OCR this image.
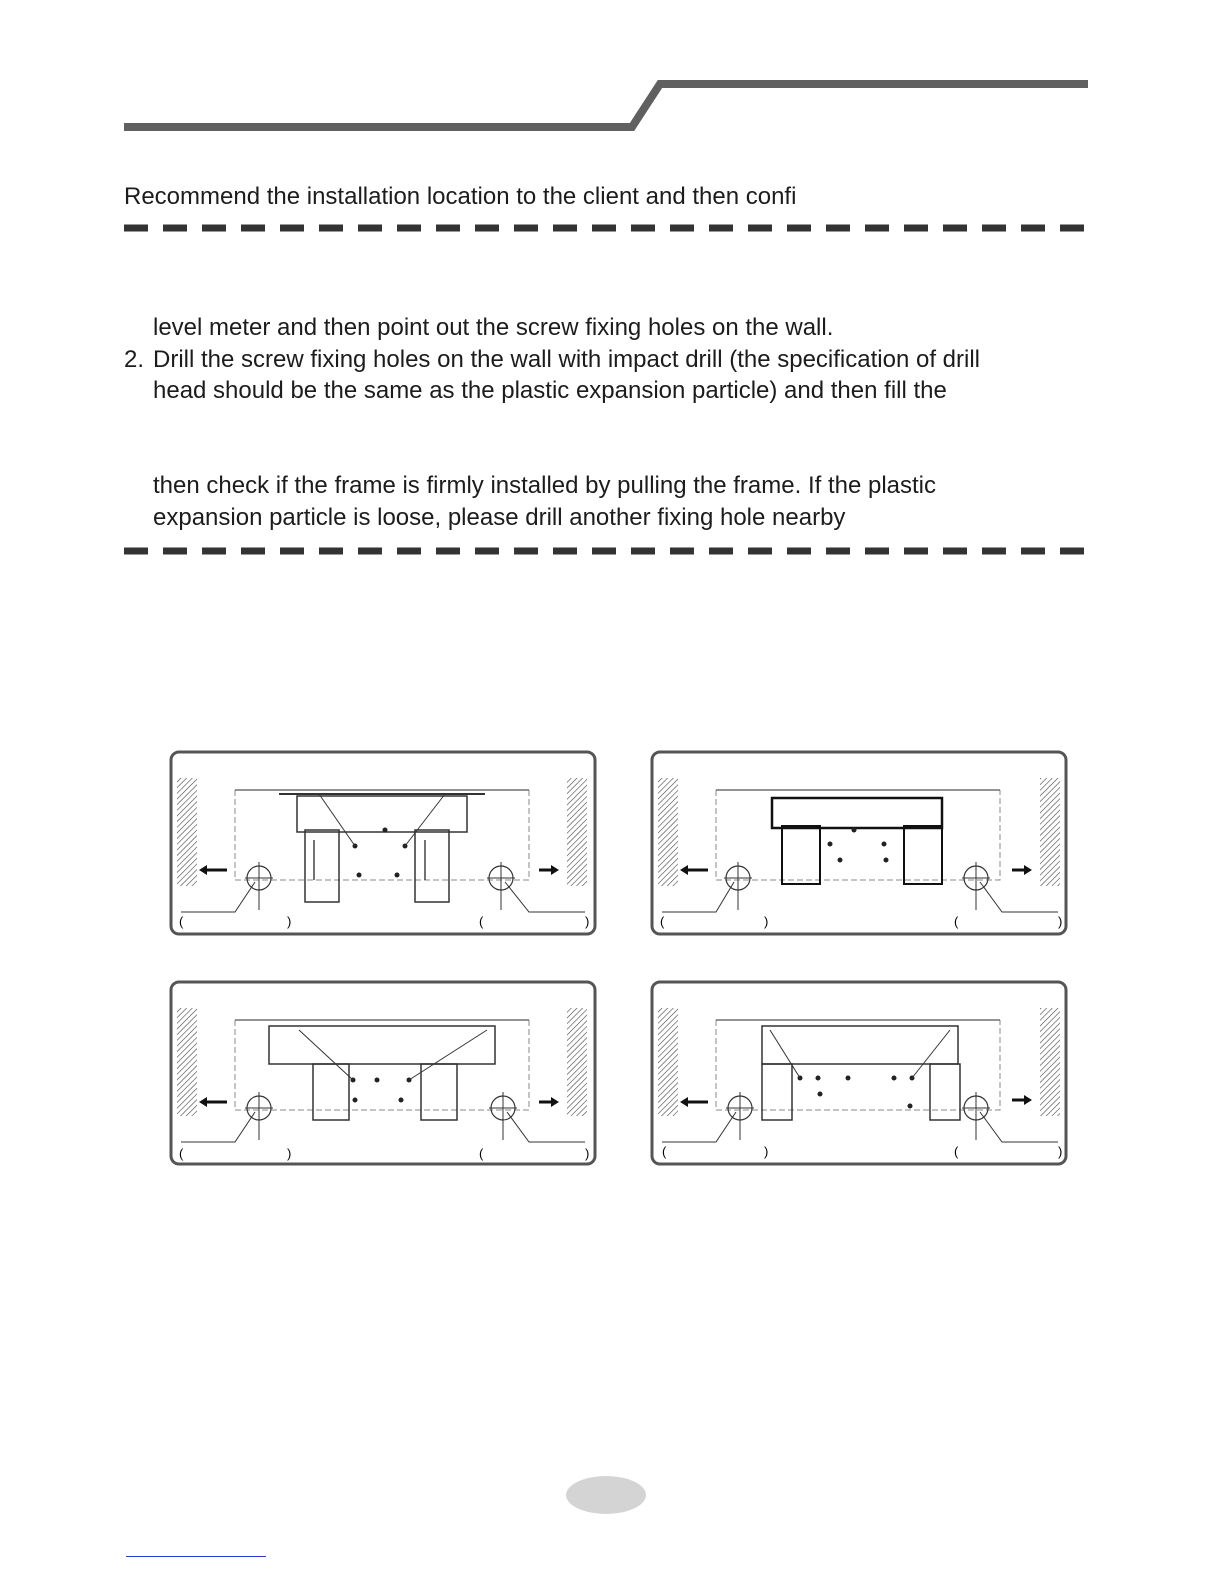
Recommend the installation location to the client and then confi
level meter and then point out the screw fixing holes on the wall.
2. Drill the screw fixing holes on the wall with impact drill (the specification of drill
head should be the same as the plastic expansion particle) and then fill the
then check if the frame is firmly installed by pulling the frame. If the plastic
expansion particle is loose, please drill another fixing hole nearby
(	)	(	)	(	)	(	)
(	)	(	)	(	)	(	)
